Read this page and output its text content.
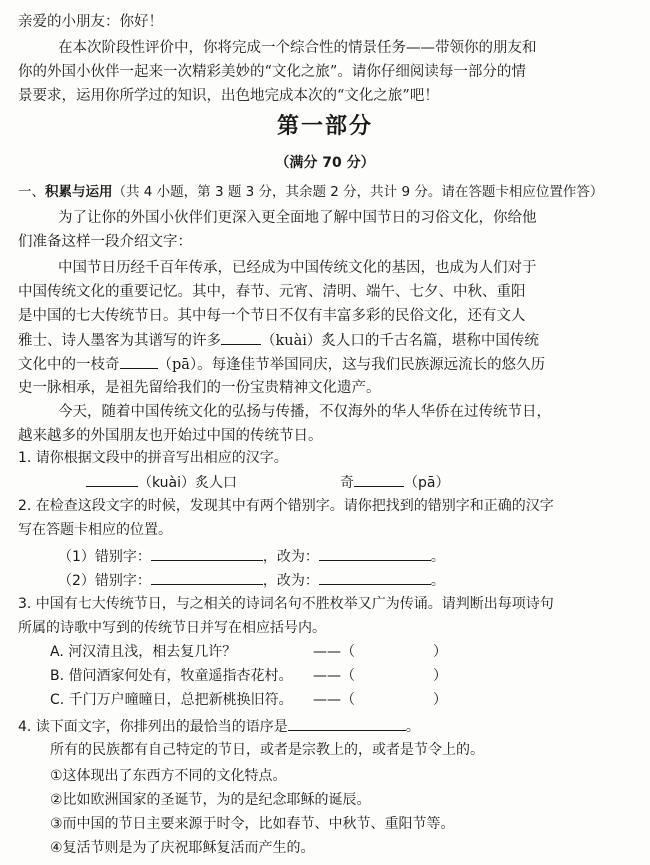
亲爱的小朋友：你好！
在本次阶段性评价中，你将完成一个综合性的情景任务——带领你的朋友和
你的外国小伙伴一起来一次精彩美妙的“文化之旅”。请你仔细阅读每一部分的情
景要求，运用你所学过的知识，出色地完成本次的“文化之旅”吧！
第一部分
（满分 70 分）
一、积累与运用（共 4 小题，第 3 题 3 分，其余题 2 分，共计 9 分。请在答题卡相应位置作答）
为了让你的外国小伙伴们更深入更全面地了解中国节日的习俗文化，你给他
们准备这样一段介绍文字：
中国节日历经千百年传承，已经成为中国传统文化的基因，也成为人们对于
中国传统文化的重要记忆。其中，春节、元宵、清明、端午、七夕、中秋、重阳
是中国的七大传统节日。其中每一个节日不仅有丰富多彩的民俗文化，还有文人
雅士、诗人墨客为其谱写的许多	（kuài）炙人口的千古名篇，堪称中国传统
文化中的一枝奇	（pā）。每逢佳节举国同庆，这与我们民族源远流长的悠久历
史一脉相承，是祖先留给我们的一份宝贵精神文化遗产。
今天，随着中国传统文化的弘扬与传播，不仅海外的华人华侨在过传统节日，
越来越多的外国朋友也开始过中国的传统节日。
1. 请你根据文段中的拼音写出相应的汉字。
（kuài）炙人口	奇	（pā）
2. 在检查这段文字的时候，发现其中有两个错别字。请你把找到的错别字和正确的汉字
写在答题卡相应的位置。
（1）错别字：	，改为：	。
（2）错别字：	，改为：	。
3. 中国有七大传统节日，与之相关的诗词名句不胜枚举又广为传诵。请判断出每项诗句
所属的诗歌中写到的传统节日并写在相应括号内。
A. 河汉清且浅，相去复几许？	——（	）
B. 借问酒家何处有，牧童遥指杏花村。 ——（	）
C. 千门万户曈曈日，总把新桃换旧符。 ——（	）
4. 读下面文字，你排列出的最恰当的语序是	。
所有的民族都有自己特定的节日，或者是宗教上的，或者是节令上的。
①这体现出了东西方不同的文化特点。
②比如欧洲国家的圣诞节，为的是纪念耶稣的诞辰。
③而中国的节日主要来源于时令，比如春节、中秋节、重阳节等。
④复活节则是为了庆祝耶稣复活而产生的。
